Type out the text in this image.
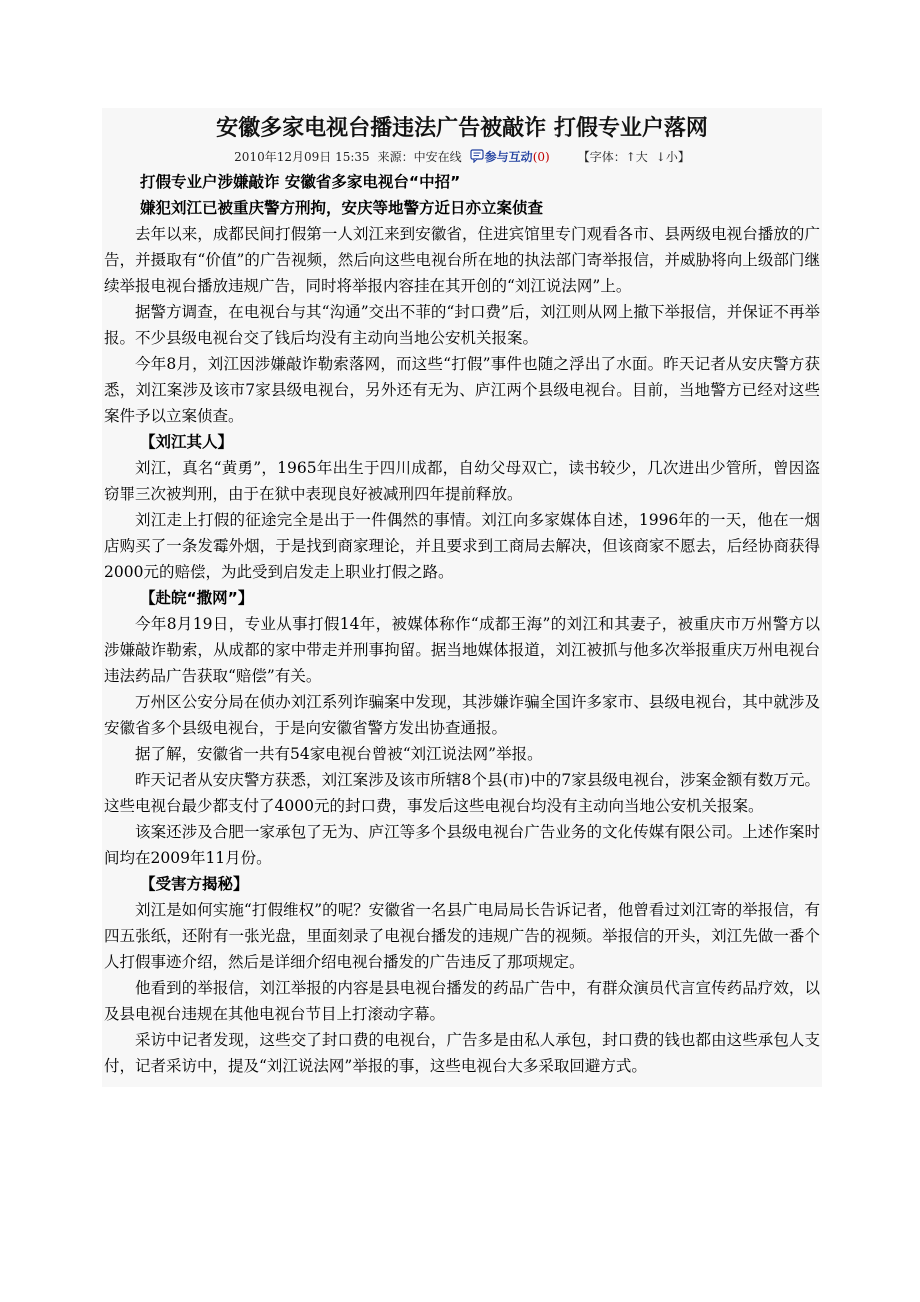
安徽多家电视台播违法广告被敲诈 打假专业户落网
2010年12月09日 15:35 来源：中安在线 参与互动(0) 【字体：↑大 ↓小】
打假专业户涉嫌敲诈 安徽省多家电视台“中招”
嫌犯刘江已被重庆警方刑拘，安庆等地警方近日亦立案侦查

去年以来，成都民间打假第一人刘江来到安徽省，住进宾馆里专门观看各市、县两级电视台播放的广告，并摄取有“价值”的广告视频，然后向这些电视台所在地的执法部门寄举报信，并威胁将向上级部门继续举报电视台播放违规广告，同时将举报内容挂在其开创的“刘江说法网”上。

据警方调查，在电视台与其“沟通”交出不菲的“封口费”后，刘江则从网上撤下举报信，并保证不再举报。不少县级电视台交了钱后均没有主动向当地公安机关报案。

今年8月，刘江因涉嫌敲诈勒索落网，而这些“打假”事件也随之浮出了水面。昨天记者从安庆警方获悉，刘江案涉及该市7家县级电视台，另外还有无为、庐江两个县级电视台。目前，当地警方已经对这些案件予以立案侦查。

【刘江其人】

刘江，真名“黄勇”，1965年出生于四川成都，自幼父母双亡，读书较少，几次进出少管所，曾因盗窃罪三次被判刑，由于在狱中表现良好被减刑四年提前释放。

刘江走上打假的征途完全是出于一件偶然的事情。刘江向多家媒体自述，1996年的一天，他在一烟店购买了一条发霉外烟，于是找到商家理论，并且要求到工商局去解决，但该商家不愿去，后经协商获得2000元的赔偿，为此受到启发走上职业打假之路。

【赴皖“撒网”】

今年8月19日，专业从事打假14年，被媒体称作“成都王海”的刘江和其妻子，被重庆市万州警方以涉嫌敲诈勒索，从成都的家中带走并刑事拘留。据当地媒体报道，刘江被抓与他多次举报重庆万州电视台违法药品广告获取“赔偿”有关。

万州区公安分局在侦办刘江系列诈骗案中发现，其涉嫌诈骗全国许多家市、县级电视台，其中就涉及安徽省多个县级电视台，于是向安徽省警方发出协查通报。

据了解，安徽省一共有54家电视台曾被“刘江说法网”举报。

昨天记者从安庆警方获悉，刘江案涉及该市所辖8个县(市)中的7家县级电视台，涉案金额有数万元。这些电视台最少都支付了4000元的封口费，事发后这些电视台均没有主动向当地公安机关报案。

该案还涉及合肥一家承包了无为、庐江等多个县级电视台广告业务的文化传媒有限公司。上述作案时间均在2009年11月份。

【受害方揭秘】

刘江是如何实施“打假维权”的呢？安徽省一名县广电局局长告诉记者，他曾看过刘江寄的举报信，有四五张纸，还附有一张光盘，里面刻录了电视台播发的违规广告的视频。举报信的开头，刘江先做一番个人打假事迹介绍，然后是详细介绍电视台播发的广告违反了那项规定。

他看到的举报信，刘江举报的内容是县电视台播发的药品广告中，有群众演员代言宣传药品疗效，以及县电视台违规在其他电视台节目上打滚动字幕。

采访中记者发现，这些交了封口费的电视台，广告多是由私人承包，封口费的钱也都由这些承包人支付，记者采访中，提及“刘江说法网”举报的事，这些电视台大多采取回避方式。
